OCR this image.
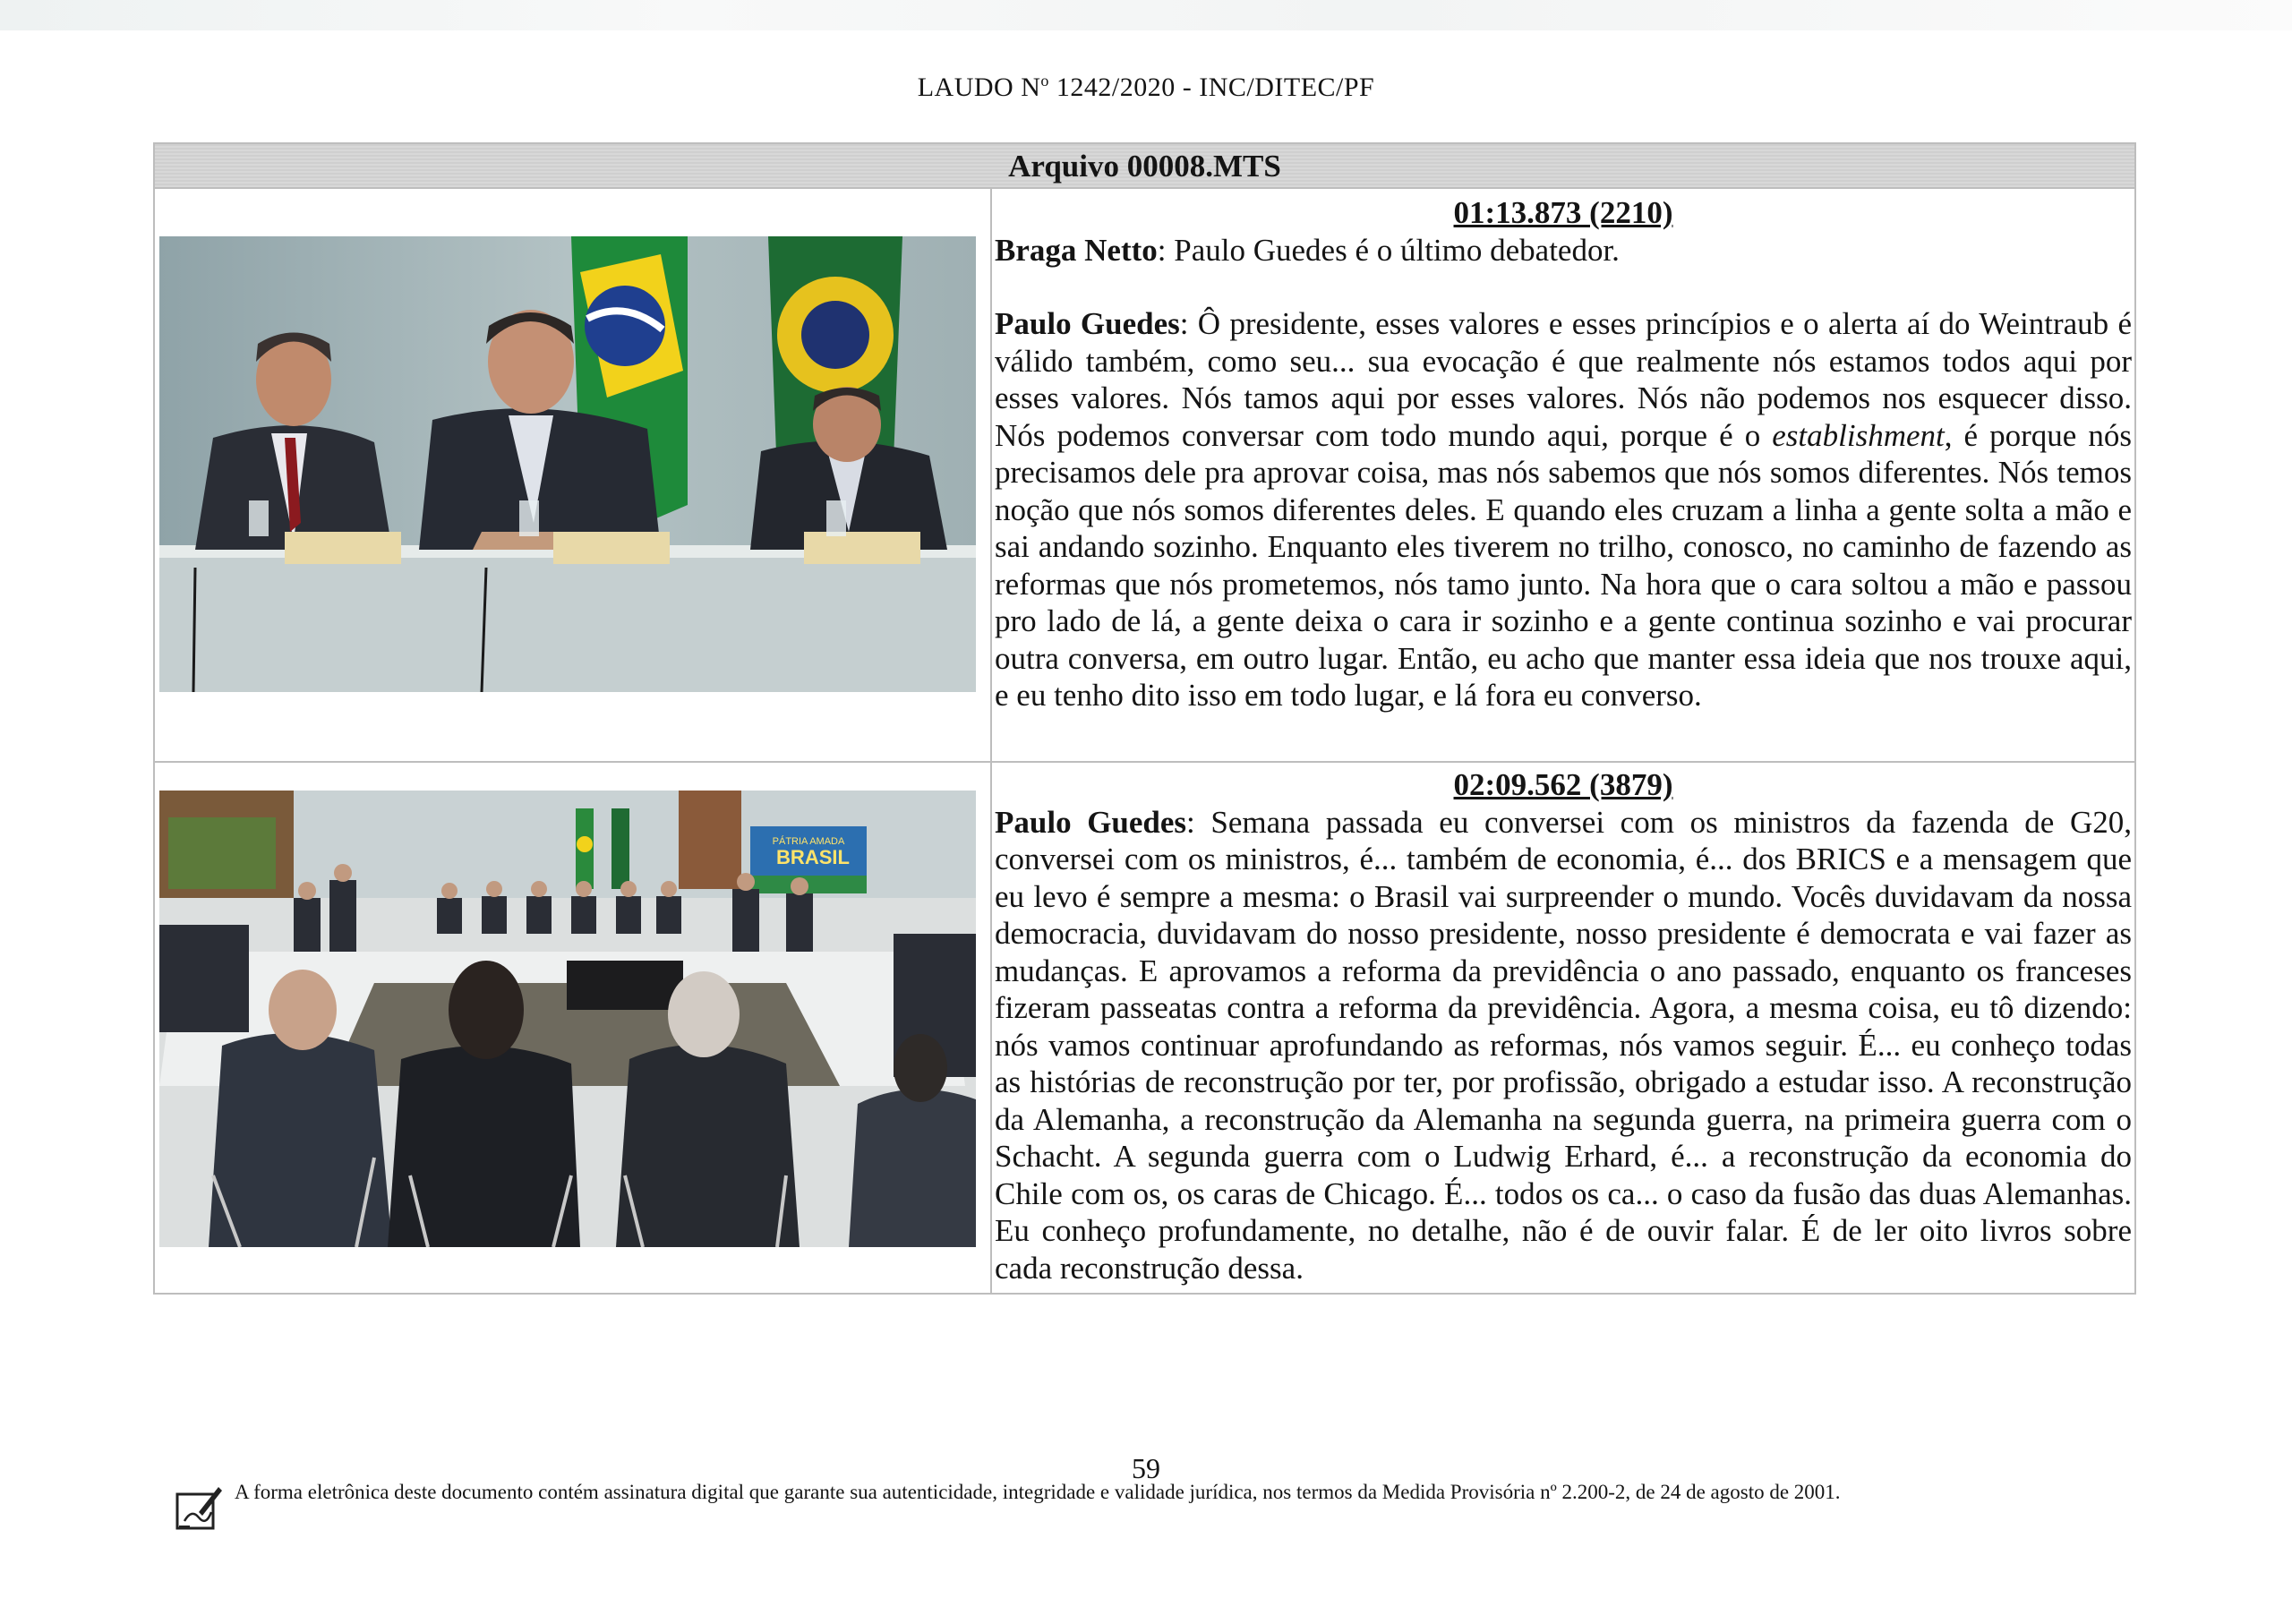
LAUDO $N^o$ 1242/2020 - INC/DITEC/PF
Arquivo 00008.MTS
01:13.873 (2210)

Braga Netto: Paulo Guedes é o último debatedor.

Paulo Guedes: Ô presidente, esses valores e esses princípios e o alerta aí do Weintraub é válido também, como seu... sua evocação é que realmente nós estamos todos aqui por esses valores. Nós tamos aqui por esses valores. Nós não podemos nos esquecer disso. Nós podemos conversar com todo mundo aqui, porque é o establishment, é porque nós precisamos dele pra aprovar coisa, mas nós sabemos que nós somos diferentes. Nós temos noção que nós somos diferentes deles. E quando eles cruzam a linha a gente solta a mão e sai andando sozinho. Enquanto eles tiverem no trilho, conosco, no caminho de fazendo as reformas que nós prometemos, nós tamo junto. Na hora que o cara soltou a mão e passou pro lado de lá, a gente deixa o cara ir sozinho e a gente continua sozinho e vai procurar outra conversa, em outro lugar. Então, eu acho que manter essa ideia que nos trouxe aqui, e eu tenho dito isso em todo lugar, e lá fora eu converso.

PÁTRIA AMADA
BRASIL
02:09.562 (3879)

Paulo Guedes: Semana passada eu conversei com os ministros da fazenda de G20, conversei com os ministros, é... também de economia, é... dos BRICS e a mensagem que eu levo é sempre a mesma: o Brasil vai surpreender o mundo. Vocês duvidavam da nossa democracia, duvidavam do nosso presidente, nosso presidente é democrata e vai fazer as mudanças. E aprovamos a reforma da previdência o ano passado, enquanto os franceses fizeram passeatas contra a reforma da previdência. Agora, a mesma coisa, eu tô dizendo: nós vamos continuar aprofundando as reformas, nós vamos seguir. É... eu conheço todas as histórias de reconstrução por ter, por profissão, obrigado a estudar isso. A reconstrução da Alemanha, a reconstrução da Alemanha na segunda guerra, na primeira guerra com o Schacht. A segunda guerra com o Ludwig Erhard, é... a reconstrução da economia do Chile com os, os caras de Chicago. É... todos os ca... o caso da fusão das duas Alemanhas. Eu conheço profundamente, no detalhe, não é de ouvir falar. É de ler oito livros sobre cada reconstrução dessa.

59
A forma eletrônica deste documento contém assinatura digital que garante sua autenticidade, integridade e validade jurídica, nos termos da Medida Provisória nº 2.200-2, de 24 de agosto de 2001.
